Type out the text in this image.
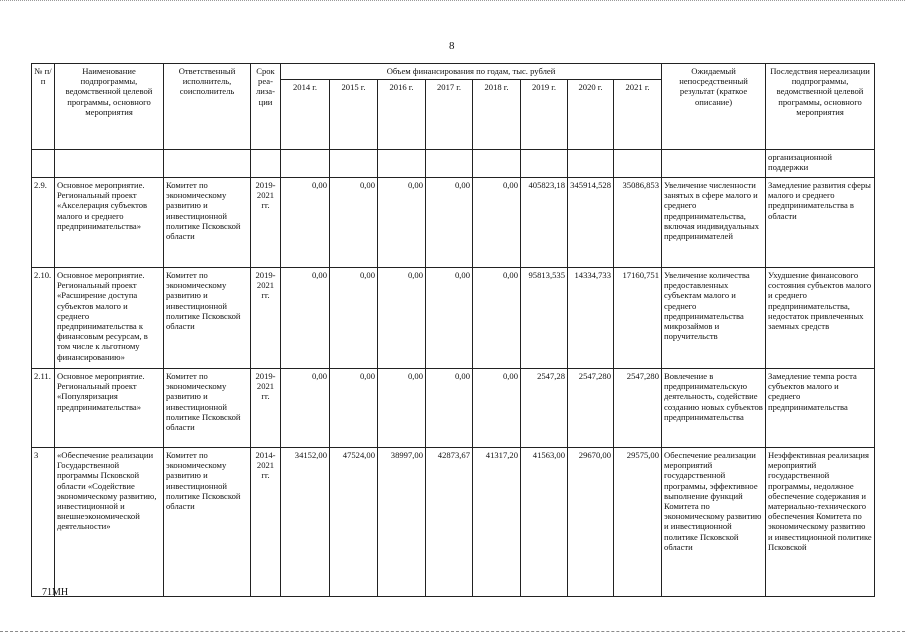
8
№ п/п	Наименование подпрограммы, ведомственной целевой программы, основного мероприятия	Ответственный исполнитель, соисполнитель	Срок реа-лиза-ции	Объем финансирования по годам, тыс. рублей								Ожидаемый непосредственный результат (краткое описание)	Последствия нереализации подпрограммы, ведомственной целевой программы, основного мероприятия
				2014 г.	2015 г.	2016 г.	2017 г.	2018 г.	2019 г.	2020 г.	2021 г.		
													организационной поддержки
2.9.	Основное мероприятие. Региональный проект «Акселерация субъектов малого и среднего предпринимательства»	Комитет по экономическому развитию и инвестиционной политике Псковской области	2019-2021 гг.	0,00	0,00	0,00	0,00	0,00	405823,18	345914,528	35086,853	Увеличение численности занятых в сфере малого и среднего предпринимательства, включая индивидуальных предпринимателей	Замедление развития сферы малого и среднего предпринимательства в области
2.10.	Основное мероприятие. Региональный проект «Расширение доступа субъектов малого и среднего предпринимательства к финансовым ресурсам, в том числе к льготному финансированию»	Комитет по экономическому развитию и инвестиционной политике Псковской области	2019-2021 гг.	0,00	0,00	0,00	0,00	0,00	95813,535	14334,733	17160,751	Увеличение количества предоставленных субъектам малого и среднего предпринимательства микрозаймов и поручительств	Ухудшение финансового состояния субъектов малого и среднего предпринимательства, недостаток привлеченных заемных средств
2.11.	Основное мероприятие. Региональный проект «Популяризация предпринимательства»	Комитет по экономическому развитию и инвестиционной политике Псковской области	2019-2021 гг.	0,00	0,00	0,00	0,00	0,00	2547,28	2547,280	2547,280	Вовлечение в предпринимательскую деятельность, содействие созданию новых субъектов предпринимательства	Замедление темпа роста субъектов малого и среднего предпринимательства
3	«Обеспечение реализации Государственной программы Псковской области «Содействие экономическому развитию, инвестиционной и внешнеэкономической деятельности»	Комитет по экономическому развитию и инвестиционной политике Псковской области	2014-2021 гг.	34152,00	47524,00	38997,00	42873,67	41317,20	41563,00	29670,00	29575,00	Обеспечение реализации мероприятий государственной программы, эффективное выполнение функций Комитета по экономическому развитию и инвестиционной политике Псковской области	Неэффективная реализация мероприятий государственной программы, недолжное обеспечение содержания и материально-технического обеспечения Комитета по экономическому развитию и инвестиционной политике Псковской
71МН
